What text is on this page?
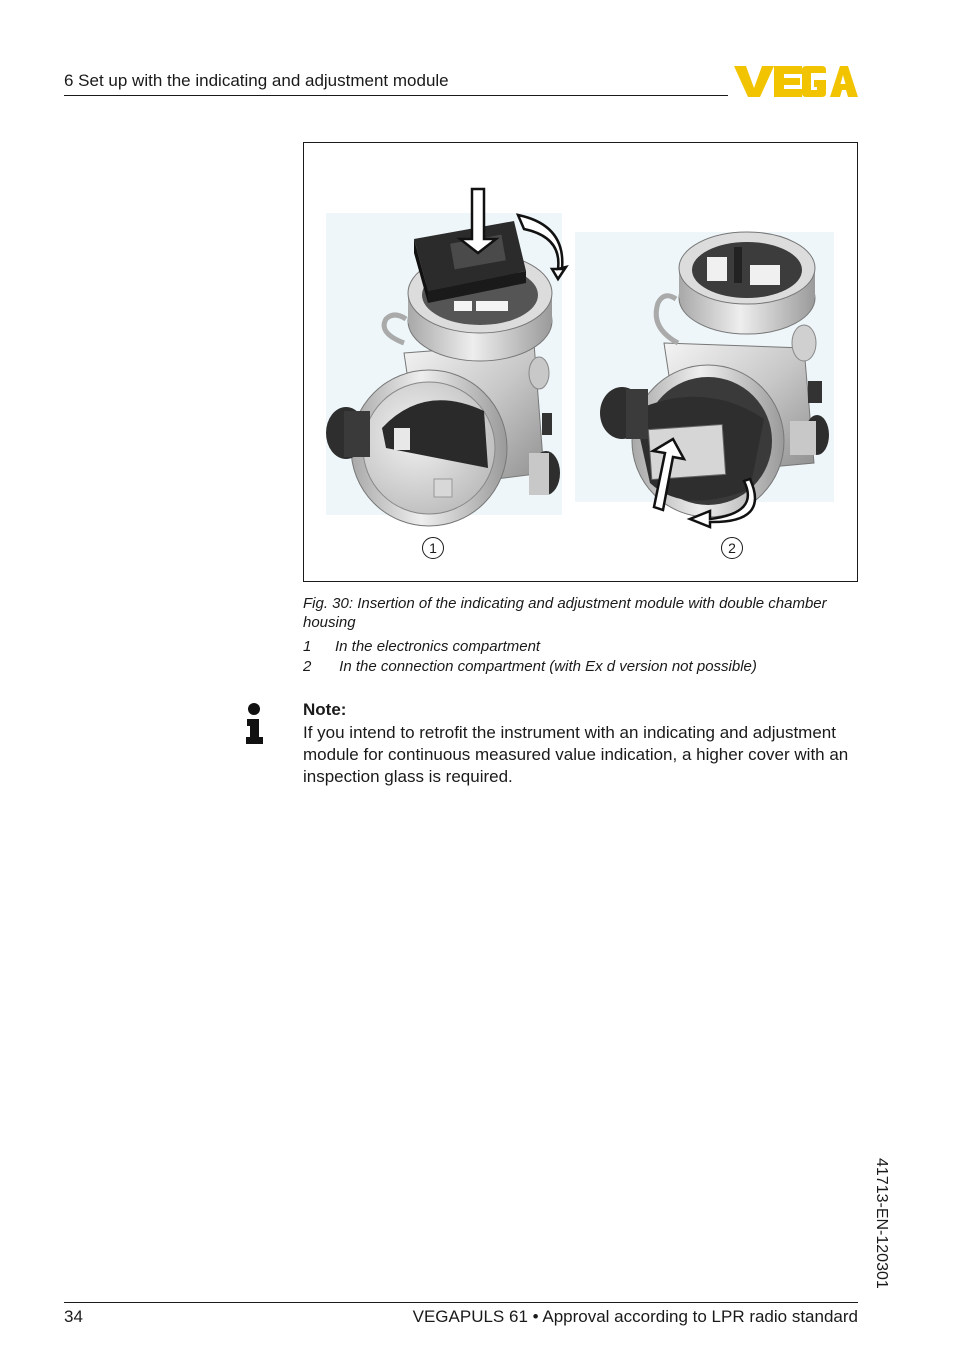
6 Set up with the indicating and adjustment module
1	2
Fig. 30: Insertion of the indicating and adjustment module with double chamber housing
1 In the electronics compartment
2 In the connection compartment (with Ex d version not possible)
Note:
If you intend to retrofit the instrument with an indicating and adjustment module for continuous measured value indication, a higher cover with an inspection glass is required.
41713-EN-120301
34	VEGAPULS 61 • Approval according to LPR radio standard
